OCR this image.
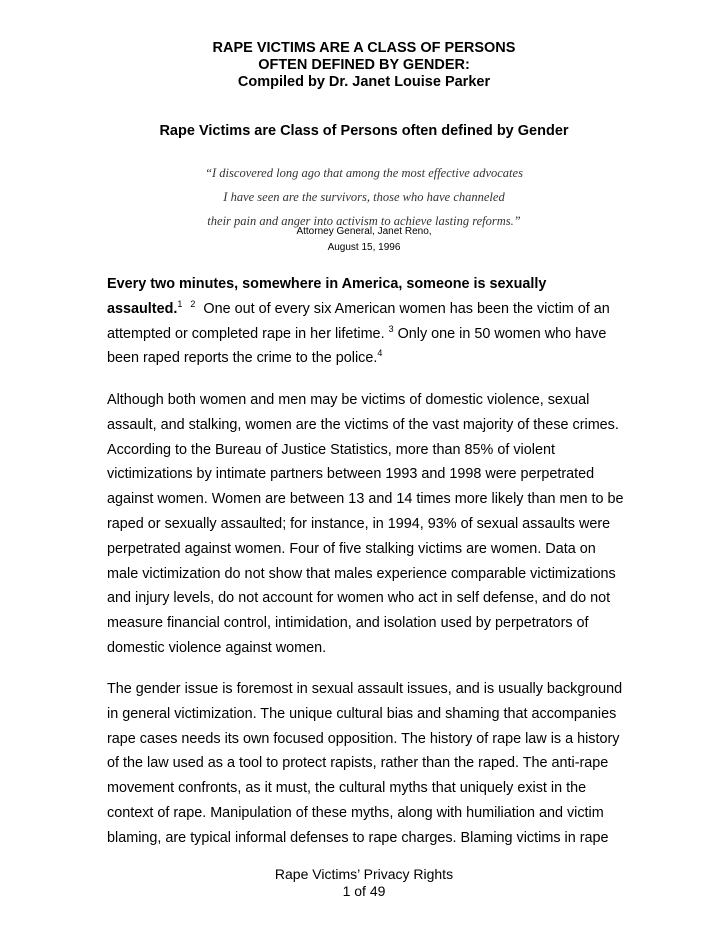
RAPE VICTIMS ARE A CLASS OF PERSONS
OFTEN DEFINED BY GENDER:
Compiled by Dr. Janet Louise Parker
Rape Victims are Class of Persons often defined by Gender
“I discovered long ago that among the most effective advocates
I have seen are the survivors, those who have channeled
their pain and anger into activism to achieve lasting reforms.”
Attorney General, Janet Reno,
August 15, 1996
Every two minutes, somewhere in America, someone is sexually
assaulted.$^1$ $^2$ One out of every six American women has been the victim of an
attempted or completed rape in her lifetime. $^3$ Only one in 50 women who have
been raped reports the crime to the police.$^4$
Although both women and men may be victims of domestic violence, sexual
assault, and stalking, women are the victims of the vast majority of these crimes.
According to the Bureau of Justice Statistics, more than 85% of violent
victimizations by intimate partners between 1993 and 1998 were perpetrated
against women. Women are between 13 and 14 times more likely than men to be
raped or sexually assaulted; for instance, in 1994, 93% of sexual assaults were
perpetrated against women. Four of five stalking victims are women. Data on
male victimization do not show that males experience comparable victimizations
and injury levels, do not account for women who act in self defense, and do not
measure financial control, intimidation, and isolation used by perpetrators of
domestic violence against women.
The gender issue is foremost in sexual assault issues, and is usually background
in general victimization. The unique cultural bias and shaming that accompanies
rape cases needs its own focused opposition. The history of rape law is a history
of the law used as a tool to protect rapists, rather than the raped. The anti-rape
movement confronts, as it must, the cultural myths that uniquely exist in the
context of rape. Manipulation of these myths, along with humiliation and victim
blaming, are typical informal defenses to rape charges. Blaming victims in rape
Rape Victims’ Privacy Rights
1 of 49
